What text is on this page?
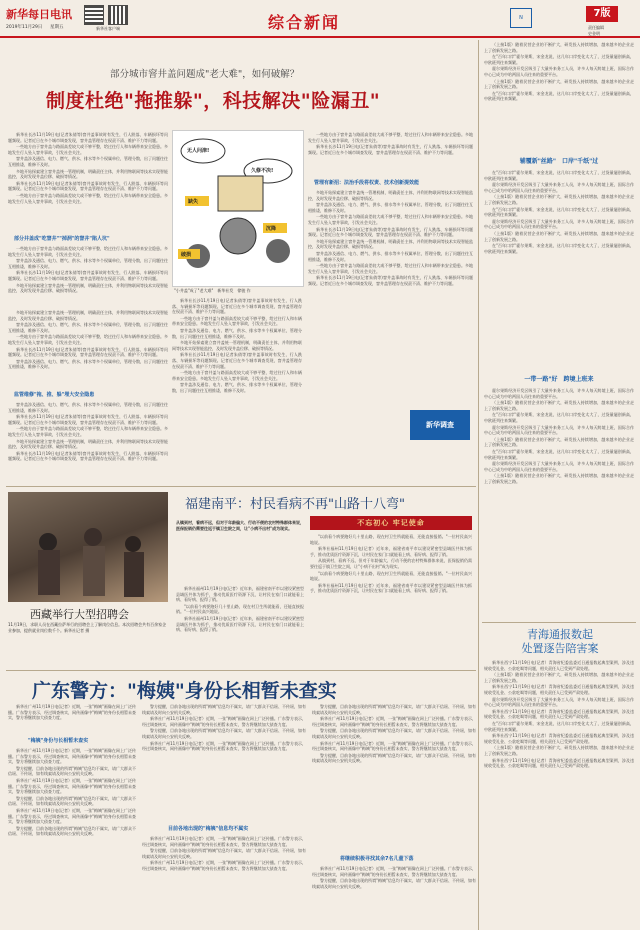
新华每日电讯
2019年11月29日 星期五	新华社客户端	综合新闻	N	7版
责任编辑
史金明
部分城市窨井盖问题成"老大难"，如何破解？
制度杜绝"拖推躲"，科技解决"险漏丑"

新华社长沙11月19日电(记者朱倩等)窨井盖事故时有发生，行人跌落、车辆损坏等问题频现。记者近日在多个城市调查发现，窨井盖管理存在权责不清、维护不力等问题。

一些地方由于窨井盖与路面高差较大或不够平整，给过往行人和车辆带来安全隐患。多地发生行人坠入窨井事故，引发社会关注。

窨井盖涉及通信、电力、燃气、供水、排水等多个权属单位，管理分散，出了问题往往互相推诿，维修不及时。

多地开始探索建立窨井盖统一管理机制，明确责任主体，并利用物联网等技术实现智能监控，及时发现井盖位移、破损等情况。

新华社长沙11月19日电(记者朱倩等)窨井盖事故时有发生，行人跌落、车辆损坏等问题频现。记者近日在多个城市调查发现，窨井盖管理存在权责不清、维护不力等问题。

一些地方由于窨井盖与路面高差较大或不够平整，给过往行人和车辆带来安全隐患。多地发生行人坠入窨井事故，引发社会关注。

部分井盖成"吃窨井""掉洞"的窨井"陷人坑"

一些地方由于窨井盖与路面高差较大或不够平整，给过往行人和车辆带来安全隐患。多地发生行人坠入窨井事故，引发社会关注。

窨井盖涉及通信、电力、燃气、供水、排水等多个权属单位，管理分散，出了问题往往互相推诿，维修不及时。

新华社长沙11月19日电(记者朱倩等)窨井盖事故时有发生，行人跌落、车辆损坏等问题频现。记者近日在多个城市调查发现，窨井盖管理存在权责不清、维护不力等问题。

多地开始探索建立窨井盖统一管理机制，明确责任主体，并利用物联网等技术实现智能监控，及时发现井盖位移、破损等情况。

多地开始探索建立窨井盖统一管理机制，明确责任主体，并利用物联网等技术实现智能监控，及时发现井盖位移、破损等情况。

窨井盖涉及通信、电力、燃气、供水、排水等多个权属单位，管理分散，出了问题往往互相推诿，维修不及时。

一些地方由于窨井盖与路面高差较大或不够平整，给过往行人和车辆带来安全隐患。多地发生行人坠入窨井事故，引发社会关注。

新华社长沙11月19日电(记者朱倩等)窨井盖事故时有发生，行人跌落、车辆损坏等问题频现。记者近日在多个城市调查发现，窨井盖管理存在权责不清、维护不力等问题。

窨井盖涉及通信、电力、燃气、供水、排水等多个权属单位，管理分散，出了问题往往互相推诿，维修不及时。

监管维修"拖、推、躲"埋大安全隐患

窨井盖涉及通信、电力、燃气、供水、排水等多个权属单位，管理分散，出了问题往往互相推诿，维修不及时。

新华社长沙11月19日电(记者朱倩等)窨井盖事故时有发生，行人跌落、车辆损坏等问题频现。记者近日在多个城市调查发现，窨井盖管理存在权责不清、维护不力等问题。

一些地方由于窨井盖与路面高差较大或不够平整，给过往行人和车辆带来安全隐患。多地发生行人坠入窨井事故，引发社会关注。

多地开始探索建立窨井盖统一管理机制，明确责任主体，并利用物联网等技术实现智能监控，及时发现井盖位移、破损等情况。

新华社长沙11月19日电(记者朱倩等)窨井盖事故时有发生，行人跌落、车辆损坏等问题频现。记者近日在多个城市调查发现，窨井盖管理存在权责不清、维护不力等问题。

无人问津!
久修不决!
缺失
沉降
破损
"小井盖"成了"老大难"　新华社发　徐骏 作

新华社长沙11月19日电(记者朱倩等)窨井盖事故时有发生，行人跌落、车辆损坏等问题频现。记者近日在多个城市调查发现，窨井盖管理存在权责不清、维护不力等问题。

一些地方由于窨井盖与路面高差较大或不够平整，给过往行人和车辆带来安全隐患。多地发生行人坠入窨井事故，引发社会关注。

窨井盖涉及通信、电力、燃气、供水、排水等多个权属单位，管理分散，出了问题往往互相推诿，维修不及时。

多地开始探索建立窨井盖统一管理机制，明确责任主体，并利用物联网等技术实现智能监控，及时发现井盖位移、破损等情况。

新华社长沙11月19日电(记者朱倩等)窨井盖事故时有发生，行人跌落、车辆损坏等问题频现。记者近日在多个城市调查发现，窨井盖管理存在权责不清、维护不力等问题。

一些地方由于窨井盖与路面高差较大或不够平整，给过往行人和车辆带来安全隐患。多地发生行人坠入窨井事故，引发社会关注。

窨井盖涉及通信、电力、燃气、供水、排水等多个权属单位，管理分散，出了问题往往互相推诿，维修不及时。

一些地方由于窨井盖与路面高差较大或不够平整，给过往行人和车辆带来安全隐患。多地发生行人坠入窨井事故，引发社会关注。

新华社长沙11月19日电(记者朱倩等)窨井盖事故时有发生，行人跌落、车辆损坏等问题频现。记者近日在多个城市调查发现，窨井盖管理存在权责不清、维护不力等问题。

管理有新招：法治手段将权责、技术创新提效能

多地开始探索建立窨井盖统一管理机制，明确责任主体，并利用物联网等技术实现智能监控，及时发现井盖位移、破损等情况。

窨井盖涉及通信、电力、燃气、供水、排水等多个权属单位，管理分散，出了问题往往互相推诿，维修不及时。

一些地方由于窨井盖与路面高差较大或不够平整，给过往行人和车辆带来安全隐患。多地发生行人坠入窨井事故，引发社会关注。

新华社长沙11月19日电(记者朱倩等)窨井盖事故时有发生，行人跌落、车辆损坏等问题频现。记者近日在多个城市调查发现，窨井盖管理存在权责不清、维护不力等问题。

多地开始探索建立窨井盖统一管理机制，明确责任主体，并利用物联网等技术实现智能监控，及时发现井盖位移、破损等情况。

窨井盖涉及通信、电力、燃气、供水、排水等多个权属单位，管理分散，出了问题往往互相推诿，维修不及时。

一些地方由于窨井盖与路面高差较大或不够平整，给过往行人和车辆带来安全隐患。多地发生行人坠入窨井事故，引发社会关注。

新华社长沙11月19日电(记者朱倩等)窨井盖事故时有发生，行人跌落、车辆损坏等问题频现。记者近日在多个城市调查发现，窨井盖管理存在权责不清、维护不力等问题。

新华调查

（上接1版）随着民营企业的不断扩大，研发投入持续增加，越来越多的企业走上了创新发展之路。

在"百年口岸"霍尔果斯，宋金龙说，这几年口岸变化太大了，过货量屡创新高，中欧班列往来频繁。

霍尔果斯经济开发区吸引了大量外来务工人员，许多人每天跨境上班，国际合作中心已成为中哈两国人员往来的重要平台。

（上接1版）随着民营企业的不断扩大，研发投入持续增加，越来越多的企业走上了创新发展之路。

在"百年口岸"霍尔果斯，宋金龙说，这几年口岸变化太大了，过货量屡创新高，中欧班列往来频繁。

辅覆新"丝路"　口岸"千纸"过

在"百年口岸"霍尔果斯，宋金龙说，这几年口岸变化太大了，过货量屡创新高，中欧班列往来频繁。

霍尔果斯经济开发区吸引了大量外来务工人员，许多人每天跨境上班，国际合作中心已成为中哈两国人员往来的重要平台。

（上接1版）随着民营企业的不断扩大，研发投入持续增加，越来越多的企业走上了创新发展之路。

在"百年口岸"霍尔果斯，宋金龙说，这几年口岸变化太大了，过货量屡创新高，中欧班列往来频繁。

霍尔果斯经济开发区吸引了大量外来务工人员，许多人每天跨境上班，国际合作中心已成为中哈两国人员往来的重要平台。

（上接1版）随着民营企业的不断扩大，研发投入持续增加，越来越多的企业走上了创新发展之路。

在"百年口岸"霍尔果斯，宋金龙说，这几年口岸变化太大了，过货量屡创新高，中欧班列往来频繁。

一带一路"好　跨境上班来

霍尔果斯经济开发区吸引了大量外来务工人员，许多人每天跨境上班，国际合作中心已成为中哈两国人员往来的重要平台。

（上接1版）随着民营企业的不断扩大，研发投入持续增加，越来越多的企业走上了创新发展之路。

在"百年口岸"霍尔果斯，宋金龙说，这几年口岸变化太大了，过货量屡创新高，中欧班列往来频繁。

霍尔果斯经济开发区吸引了大量外来务工人员，许多人每天跨境上班，国际合作中心已成为中哈两国人员往来的重要平台。

（上接1版）随着民营企业的不断扩大，研发投入持续增加，越来越多的企业走上了创新发展之路。

在"百年口岸"霍尔果斯，宋金龙说，这几年口岸变化太大了，过货量屡创新高，中欧班列往来频繁。

霍尔果斯经济开发区吸引了大量外来务工人员，许多人每天跨境上班，国际合作中心已成为中哈两国人员往来的重要平台。

（上接1版）随着民营企业的不断扩大，研发投入持续增加，越来越多的企业走上了创新发展之路。

青海通报数起
处置逐告陪害案

新华社西宁11月19日电(记者）青海省纪委监委近日通报数起典型案例，涉及违规收受礼金、公款吃喝等问题，相关责任人已受到严肃处理。

（上接1版）随着民营企业的不断扩大，研发投入持续增加，越来越多的企业走上了创新发展之路。

新华社西宁11月19日电(记者）青海省纪委监委近日通报数起典型案例，涉及违规收受礼金、公款吃喝等问题，相关责任人已受到严肃处理。

霍尔果斯经济开发区吸引了大量外来务工人员，许多人每天跨境上班，国际合作中心已成为中哈两国人员往来的重要平台。

新华社西宁11月19日电(记者）青海省纪委监委近日通报数起典型案例，涉及违规收受礼金、公款吃喝等问题，相关责任人已受到严肃处理。

在"百年口岸"霍尔果斯，宋金龙说，这几年口岸变化太大了，过货量屡创新高，中欧班列往来频繁。

新华社西宁11月19日电(记者）青海省纪委监委近日通报数起典型案例，涉及违规收受礼金、公款吃喝等问题，相关责任人已受到严肃处理。

（上接1版）随着民营企业的不断扩大，研发投入持续增加，越来越多的企业走上了创新发展之路。

新华社西宁11月19日电(记者）青海省纪委监委近日通报数起典型案例，涉及违规收受礼金、公款吃喝等问题，相关责任人已受到严肃处理。

西藏举行大型招聘会
11月19日，求职人员在西藏拉萨举行的招聘会上了解岗位信息。本次招聘会共有百余家企业参加，提供就业岗位数千个。新华社记者 摄
福建南平：村民看病不再"山路十八弯"
从镇到村，看病不远，但对于年龄偏大、行动不便的农村特殊群体来说，医保报销仍需要往返于镇卫生院之间，让"小病不出村"成为现实。

新华社福州11月19日电(记者）近年来，福建省南平市以建设紧密型县域医共体为抓手，推动优质医疗资源下沉，让村民在家门口就能看上病、看好病、报得了销。

"以前看个病要跑好几十里山路，现在村卫生所就能看，还能直接报销。"一位村民高兴地说。

新华社福州11月19日电(记者）近年来，福建省南平市以建设紧密型县域医共体为抓手，推动优质医疗资源下沉，让村民在家门口就能看上病、看好病、报得了销。

不忘初心 牢记使命

"以前看个病要跑好几十里山路，现在村卫生所就能看，还能直接报销。"一位村民高兴地说。

新华社福州11月19日电(记者）近年来，福建省南平市以建设紧密型县域医共体为抓手，推动优质医疗资源下沉，让村民在家门口就能看上病、看好病、报得了销。

从镇到村，看病不远，但对于年龄偏大、行动不便的农村特殊群体来说，医保报销仍需要往返于镇卫生院之间，让"小病不出村"成为现实。

"以前看个病要跑好几十里山路，现在村卫生所就能看，还能直接报销。"一位村民高兴地说。

新华社福州11月19日电(记者）近年来，福建省南平市以建设紧密型县域医共体为抓手，推动优质医疗资源下沉，让村民在家门口就能看上病、看好病、报得了销。

广东警方："梅姨"身份长相暂未查实

新华社广州11月19日电(记者）近期，一张"梅姨"画像在网上广泛传播。广东警方表示，经过调查核实，网传画像中"梅姨"的身份长相暂未查实，警方将继续加大侦查力度。

"梅姨"身份与长相暂未查实

新华社广州11月19日电(记者）近期，一张"梅姨"画像在网上广泛传播。广东警方表示，经过调查核实，网传画像中"梅姨"的身份长相暂未查实，警方将继续加大侦查力度。

警方提醒，目前各地出现的所谓"梅姨"信息均不属实，请广大群众不信谣、不传谣，如有线索请及时向公安机关反映。

新华社广州11月19日电(记者）近期，一张"梅姨"画像在网上广泛传播。广东警方表示，经过调查核实，网传画像中"梅姨"的身份长相暂未查实，警方将继续加大侦查力度。

警方提醒，目前各地出现的所谓"梅姨"信息均不属实，请广大群众不信谣、不传谣，如有线索请及时向公安机关反映。

新华社广州11月19日电(记者）近期，一张"梅姨"画像在网上广泛传播。广东警方表示，经过调查核实，网传画像中"梅姨"的身份长相暂未查实，警方将继续加大侦查力度。

警方提醒，目前各地出现的所谓"梅姨"信息均不属实，请广大群众不信谣、不传谣，如有线索请及时向公安机关反映。

警方提醒，目前各地出现的所谓"梅姨"信息均不属实，请广大群众不信谣、不传谣，如有线索请及时向公安机关反映。

新华社广州11月19日电(记者）近期，一张"梅姨"画像在网上广泛传播。广东警方表示，经过调查核实，网传画像中"梅姨"的身份长相暂未查实，警方将继续加大侦查力度。

警方提醒，目前各地出现的所谓"梅姨"信息均不属实，请广大群众不信谣、不传谣，如有线索请及时向公安机关反映。

新华社广州11月19日电(记者）近期，一张"梅姨"画像在网上广泛传播。广东警方表示，经过调查核实，网传画像中"梅姨"的身份长相暂未查实，警方将继续加大侦查力度。

目前各地出现的"梅姨"信息均不属实

新华社广州11月19日电(记者）近期，一张"梅姨"画像在网上广泛传播。广东警方表示，经过调查核实，网传画像中"梅姨"的身份长相暂未查实，警方将继续加大侦查力度。

警方提醒，目前各地出现的所谓"梅姨"信息均不属实，请广大群众不信谣、不传谣，如有线索请及时向公安机关反映。

新华社广州11月19日电(记者）近期，一张"梅姨"画像在网上广泛传播。广东警方表示，经过调查核实，网传画像中"梅姨"的身份长相暂未查实，警方将继续加大侦查力度。

警方提醒，目前各地出现的所谓"梅姨"信息均不属实，请广大群众不信谣、不传谣，如有线索请及时向公安机关反映。

新华社广州11月19日电(记者）近期，一张"梅姨"画像在网上广泛传播。广东警方表示，经过调查核实，网传画像中"梅姨"的身份长相暂未查实，警方将继续加大侦查力度。

警方提醒，目前各地出现的所谓"梅姨"信息均不属实，请广大群众不信谣、不传谣，如有线索请及时向公安机关反映。

新华社广州11月19日电(记者）近期，一张"梅姨"画像在网上广泛传播。广东警方表示，经过调查核实，网传画像中"梅姨"的身份长相暂未查实，警方将继续加大侦查力度。

警方提醒，目前各地出现的所谓"梅姨"信息均不属实，请广大群众不信谣、不传谣，如有线索请及时向公安机关反映。

将继续积极寻找其余7名儿童下落

新华社广州11月19日电(记者）近期，一张"梅姨"画像在网上广泛传播。广东警方表示，经过调查核实，网传画像中"梅姨"的身份长相暂未查实，警方将继续加大侦查力度。

警方提醒，目前各地出现的所谓"梅姨"信息均不属实，请广大群众不信谣、不传谣，如有线索请及时向公安机关反映。
